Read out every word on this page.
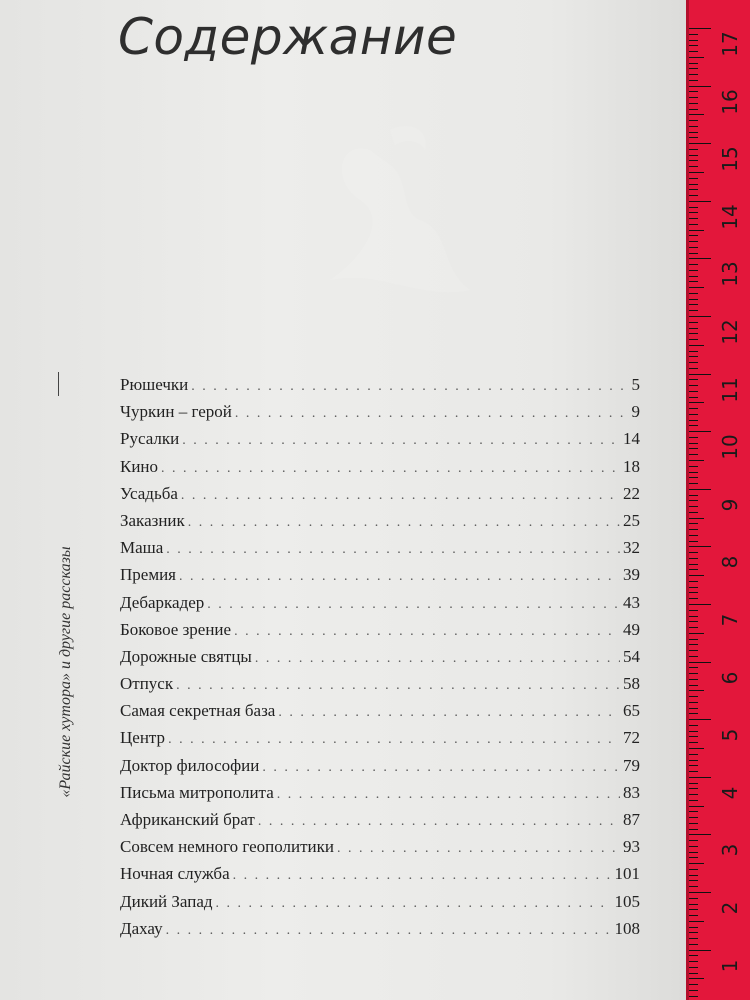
Содержание
«Райские хутора» и другие рассказы
Рюшечки . . .	5
Чуркин – герой . . .	9
Русалки . . .	14
Кино . . .	18
Усадьба . . .	22
Заказник . . .	25
Маша . . .	32
Премия . . .	39
Дебаркадер . . .	43
Боковое зрение . . .	49
Дорожные святцы . . .	54
Отпуск . . .	58
Самая секретная база . . .	65
Центр . . .	72
Доктор философии . . .	79
Письма митрополита . . .	83
Африканский брат . . .	87
Совсем немного геополитики . . .	93
Ночная служба . . .	101
Дикий Запад . . .	105
Дахау . . .	108
17
16
15
14
13
12
11
10
9
8
7
6
5
4
3
2
1
